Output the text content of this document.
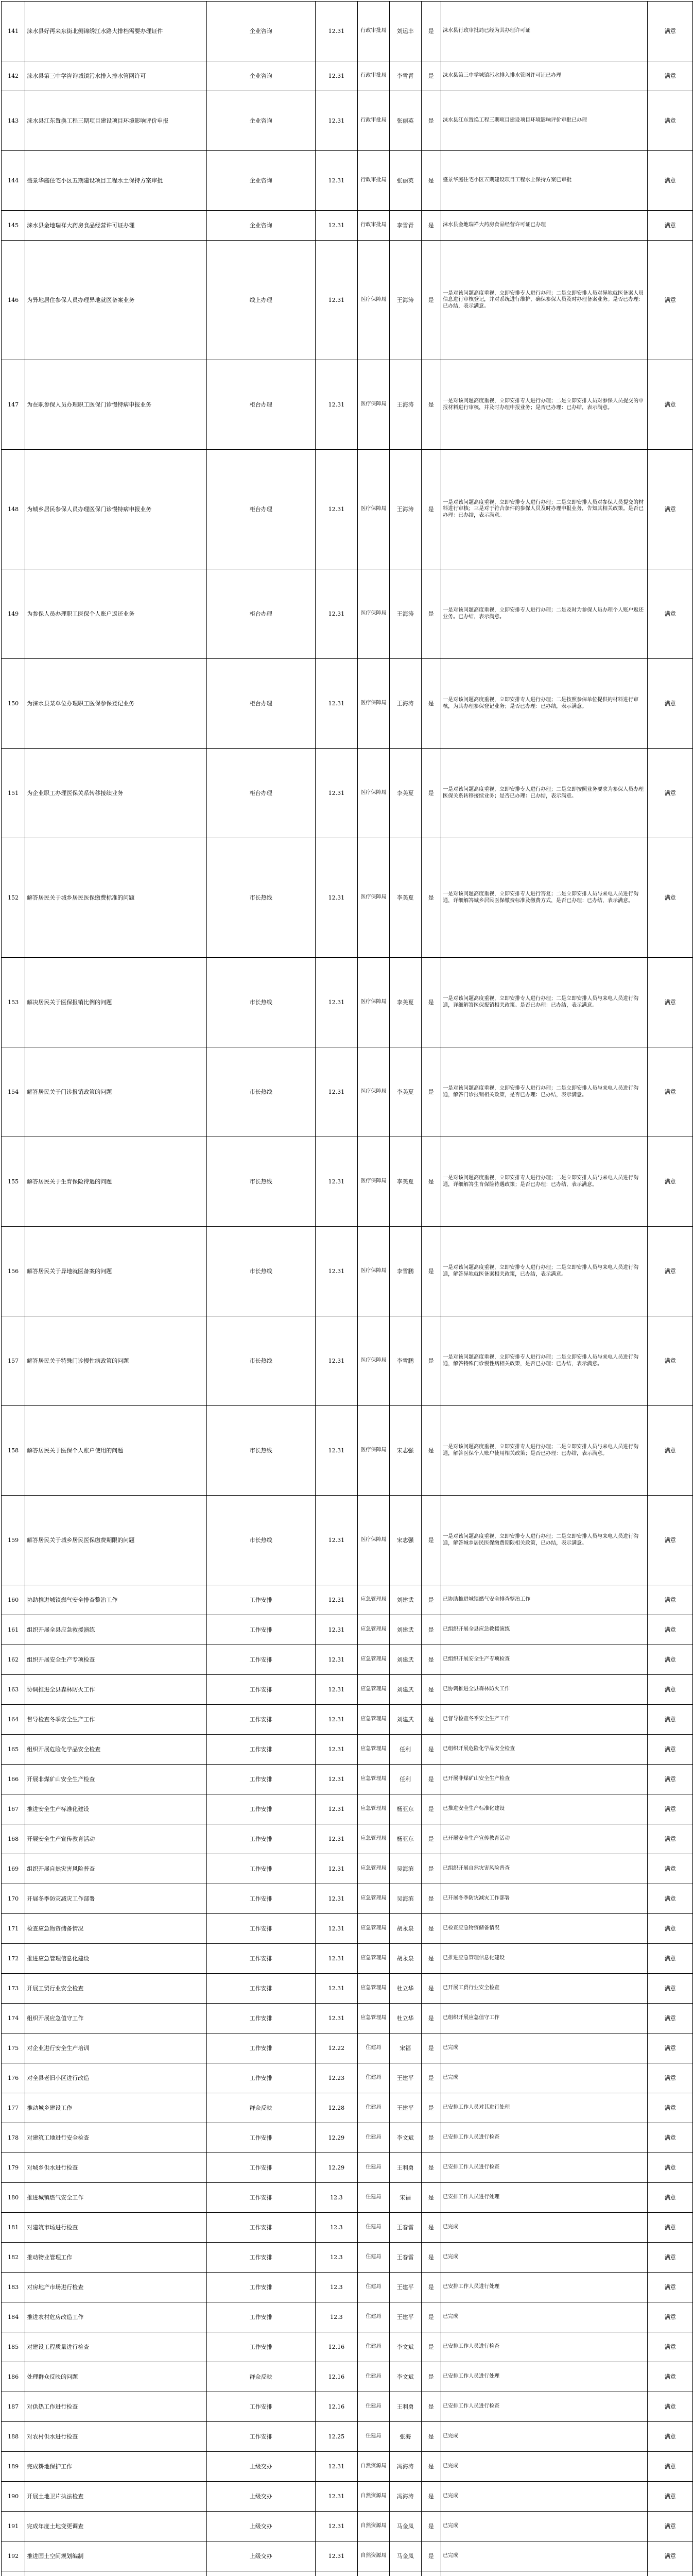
141	涞水县好再来东街北侧锦绣江水路大排档需要办理证件	企业咨询	12.31	行政审批局	刘运丰	是	涞水县行政审批局已经为其办理许可证	满意
142	涞水县第三中学咨询城镇污水排入排水管网许可	企业咨询	12.31	行政审批局	李雪青	是	涞水县第三中学城镇污水排入排水管网许可证已办理	满意
143	涞水县江东置换工程三期项目建设项目环境影响评价申报	企业咨询	12.31	行政审批局	张丽英	是	涞水县江东置换工程三期项目建设项目环境影响评价审批已办理	满意
144	盛景华庭住宅小区五期建设项目工程水土保持方案审批	企业咨询	12.31	行政审批局	张丽英	是	盛景华庭住宅小区五期建设项目工程水土保持方案已审批	满意
145	涞水县金地瑞祥大药房食品经营许可证办理	企业咨询	12.31	行政审批局	李雪青	是	涞水县金地瑞祥大药房食品经营许可证已办理	满意
146	为异地居住参保人员办理异地就医备案业务	线上办理	12.31	医疗保障局	王海涛	是	一是对该问题高度重视，立即安排专人进行办理；二是立即安排人员对异地就医备案人员信息进行审核登记，并对系统进行维护，确保参保人员及时办理备案业务。是否已办理：已办结，表示满意。	满意
147	为在职参保人员办理职工医保门诊慢特病申报业务	柜台办理	12.31	医疗保障局	王海涛	是	一是对该问题高度重视，立即安排专人进行办理；二是立即安排人员对参保人员提交的申报材料进行审核，并及时办理申报业务；是否已办理：已办结，表示满意。	满意
148	为城乡居民参保人员办理医保门诊慢特病申报业务	柜台办理	12.31	医疗保障局	王海涛	是	一是对该问题高度重视，立即安排专人进行办理；二是立即安排人员对参保人员提交的材料进行审核；三是对于符合条件的参保人员及时办理申报业务，告知其相关政策。是否已办理：已办结，表示满意。	满意
149	为参保人员办理职工医保个人账户返还业务	柜台办理	12.31	医疗保障局	王海涛	是	一是对该问题高度重视，立即安排专人进行办理；二是及时为参保人员办理个人账户返还业务。已办结，表示满意。	满意
150	为涞水县某单位办理职工医保参保登记业务	柜台办理	12.31	医疗保障局	王海涛	是	一是对该问题高度重视，立即安排专人进行办理；二是按照参保单位提供的材料进行审核，为其办理参保登记业务；是否已办理：已办结，表示满意。	满意
151	为企业职工办理医保关系转移接续业务	柜台办理	12.31	医疗保障局	李美夏	是	一是对该问题高度重视，立即安排专人进行办理；二是立即按照业务要求为参保人员办理医保关系转移接续业务；是否已办理：已办结，表示满意。	满意
152	解答居民关于城乡居民医保缴费标准的问题	市长热线	12.31	医疗保障局	李美夏	是	一是对该问题高度重视，立即安排专人进行答复；二是立即安排人员与来电人员进行沟通，详细解答城乡居民医保缴费标准及缴费方式，是否已办理：已办结，表示满意。	满意
153	解决居民关于医保报销比例的问题	市长热线	12.31	医疗保障局	李美夏	是	一是对该问题高度重视，立即安排专人进行办理；二是立即安排人员与来电人员进行沟通，详细解答医保报销相关政策。是否已办理：已办结，表示满意。	满意
154	解答居民关于门诊报销政策的问题	市长热线	12.31	医疗保障局	李美夏	是	一是对该问题高度重视，立即安排专人进行办理；二是立即安排人员与来电人员进行沟通，解答门诊报销相关政策，是否已办理：已办结，表示满意。	满意
155	解答居民关于生育保险待遇的问题	市长热线	12.31	医疗保障局	李美夏	是	一是对该问题高度重视，立即安排专人进行办理；二是立即安排人员与来电人员进行沟通，详细解答生育保险待遇政策；是否已办理：已办结，表示满意。	满意
156	解答居民关于异地就医备案的问题	市长热线	12.31	医疗保障局	李雪鹏	是	一是对该问题高度重视，立即安排专人进行办理；二是立即安排人员与来电人员进行沟通，解答异地就医备案相关政策，已办结，表示满意。	满意
157	解答居民关于特殊门诊慢性病政策的问题	市长热线	12.31	医疗保障局	李雪鹏	是	一是对该问题高度重视，立即安排专人进行办理；二是立即安排人员与来电人员进行沟通，解答特殊门诊慢性病相关政策，是否已办理：已办结，表示满意。	满意
158	解答居民关于医保个人账户使用的问题	市长热线	12.31	医疗保障局	宋志强	是	一是对该问题高度重视，立即安排专人进行办理；二是立即安排人员与来电人员进行沟通，解答医保个人账户使用相关政策；是否已办理：已办结，表示满意。	满意
159	解答居民关于城乡居民医保缴费期限的问题	市长热线	12.31	医疗保障局	宋志强	是	一是对该问题高度重视，立即安排专人进行办理；二是立即安排人员与来电人员进行沟通，解答城乡居民医保缴费期限相关政策，已办结，表示满意。	满意
160	协助推进城镇燃气安全排查整治工作	工作安排	12.31	应急管理局	刘建武	是	已协助推进城镇燃气安全排查整治工作	满意
161	组织开展全县应急救援演练	工作安排	12.31	应急管理局	刘建武	是	已组织开展全县应急救援演练	满意
162	组织开展安全生产专项检查	工作安排	12.31	应急管理局	刘建武	是	已组织开展安全生产专项检查	满意
163	协调推进全县森林防火工作	工作安排	12.31	应急管理局	刘建武	是	已协调推进全县森林防火工作	满意
164	督导检查冬季安全生产工作	工作安排	12.31	应急管理局	刘建武	是	已督导检查冬季安全生产工作	满意
165	组织开展危险化学品安全检查	工作安排	12.31	应急管理局	任利	是	已组织开展危险化学品安全检查	满意
166	开展非煤矿山安全生产检查	工作安排	12.31	应急管理局	任利	是	已开展非煤矿山安全生产检查	满意
167	推进安全生产标准化建设	工作安排	12.31	应急管理局	杨亚东	是	已推进安全生产标准化建设	满意
168	开展安全生产宣传教育活动	工作安排	12.31	应急管理局	杨亚东	是	已开展安全生产宣传教育活动	满意
169	组织开展自然灾害风险普查	工作安排	12.31	应急管理局	吴海滨	是	已组织开展自然灾害风险普查	满意
170	开展冬季防灾减灾工作部署	工作安排	12.31	应急管理局	吴海滨	是	已开展冬季防灾减灾工作部署	满意
171	检查应急物资储备情况	工作安排	12.31	应急管理局	胡永泉	是	已检查应急物资储备情况	满意
172	推进应急管理信息化建设	工作安排	12.31	应急管理局	胡永泉	是	已推进应急管理信息化建设	满意
173	开展工贸行业安全检查	工作安排	12.31	应急管理局	杜立华	是	已开展工贸行业安全检查	满意
174	组织开展应急值守工作	工作安排	12.31	应急管理局	杜立华	是	已组织开展应急值守工作	满意
175	对企业进行安全生产培训	工作安排	12.22	住建局	宋福	是	已完成	满意
176	对全县老旧小区进行改造	工作安排	12.23	住建局	王建平	是	已完成	满意
177	推动城乡建设工作	群众反映	12.28	住建局	王建平	是	已安排工作人员对其进行处理	满意
178	对建筑工地进行安全检查	工作安排	12.29	住建局	李文斌	是	已安排工作人员进行检查	满意
179	对城乡供水进行检查	工作安排	12.29	住建局	王利勇	是	已安排工作人员进行检查	满意
180	推进城镇燃气安全工作	工作安排	12.3	住建局	宋福	是	已安排工作人员进行处理	满意
181	对建筑市场进行检查	工作安排	12.3	住建局	王春雷	是	已完成	满意
182	推动物业管理工作	工作安排	12.3	住建局	王春雷	是	已完成	满意
183	对房地产市场进行检查	工作安排	12.3	住建局	王建平	是	已安排工作人员进行处理	满意
184	推进农村危房改造工作	工作安排	12.3	住建局	王建平	是	已完成	满意
185	对建设工程质量进行检查	工作安排	12.16	住建局	李文斌	是	已安排工作人员进行检查	满意
186	处理群众反映的问题	群众反映	12.16	住建局	李文斌	是	已安排工作人员进行处理	满意
187	对供热工作进行检查	工作安排	12.16	住建局	王利勇	是	已安排工作人员进行检查	满意
188	对农村供水进行检查	工作安排	12.25	住建局	张海	是	已完成	满意
189	完成耕地保护工作	上级交办	12.31	自然资源局	冯海涛	是	已完成	满意
190	开展土地卫片执法检查	上级交办	12.31	自然资源局	冯海涛	是	已完成	满意
191	完成年度土地变更调查	上级交办	12.31	自然资源局	马金凤	是	已完成	满意
192	推进国土空间规划编制	上级交办	12.31	自然资源局	马金凤	是	已完成	满意
